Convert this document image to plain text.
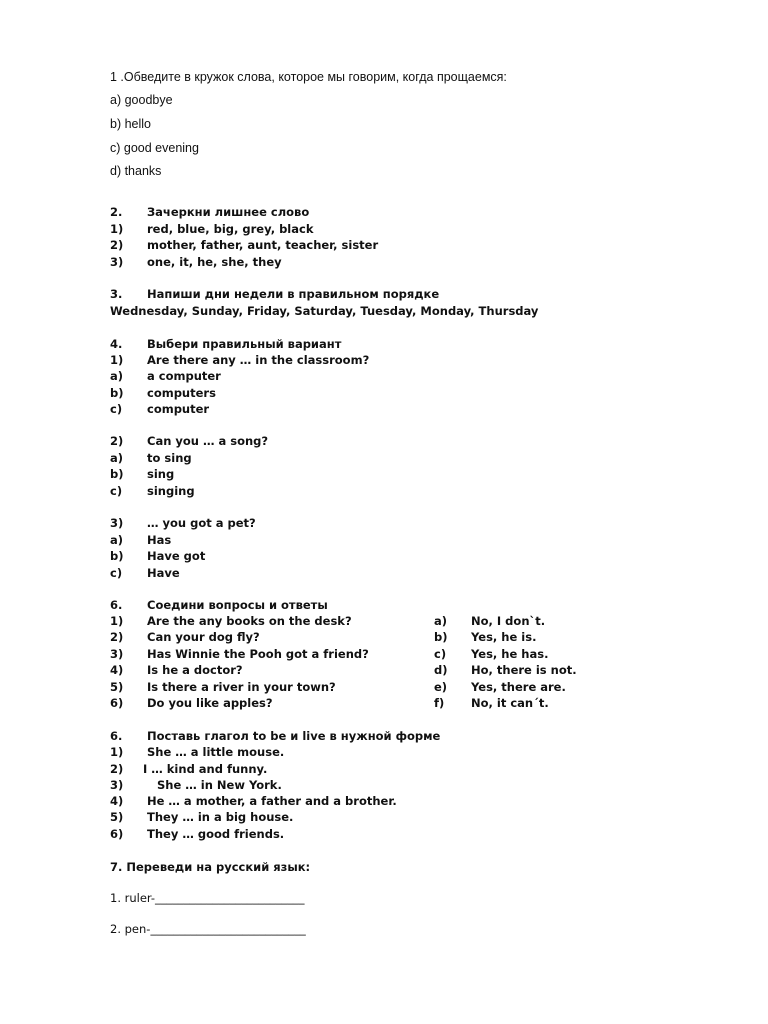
1 .Обведите в кружок слова, которое мы говорим, когда прощаемся:
a) goodbye
b) hello
c) good evening
d) thanks
2. Зачеркни лишнее слово
1) red, blue, big, grey, black
2) mother, father, aunt, teacher, sister
3) one, it, he, she, they
3. Напиши дни недели в правильном порядке
Wednesday, Sunday, Friday, Saturday, Tuesday, Monday, Thursday
4. Выбери правильный вариант
1) Are there any … in the classroom?
a) a computer
b) computers
c) computer
2) Can you … a song?
a) to sing
b) sing
c) singing
3) … you got a pet?
a) Has
b) Have got
c) Have
6. Соедини вопросы и ответы
1) Are the any books on the desk?	a) No, I don`t.
2) Can your dog fly?	b) Yes, he is.
3) Has Winnie the Pooh got a friend?	c) Yes, he has.
4) Is he a doctor?	d) Ho, there is not.
5) Is there a river in your town?	e) Yes, there are.
6) Do you like apples?	f) No, it can´t.
6. Поставь глагол to be и live в нужной форме
1) She … a little mouse.
2) I … kind and funny.
3)	She … in New York.
4) He … a mother, a father and a brother.
5) They … in a big house.
6) They … good friends.
7. Переведи на русский язык:
1. ruler-__________________________
2. pen-___________________________
